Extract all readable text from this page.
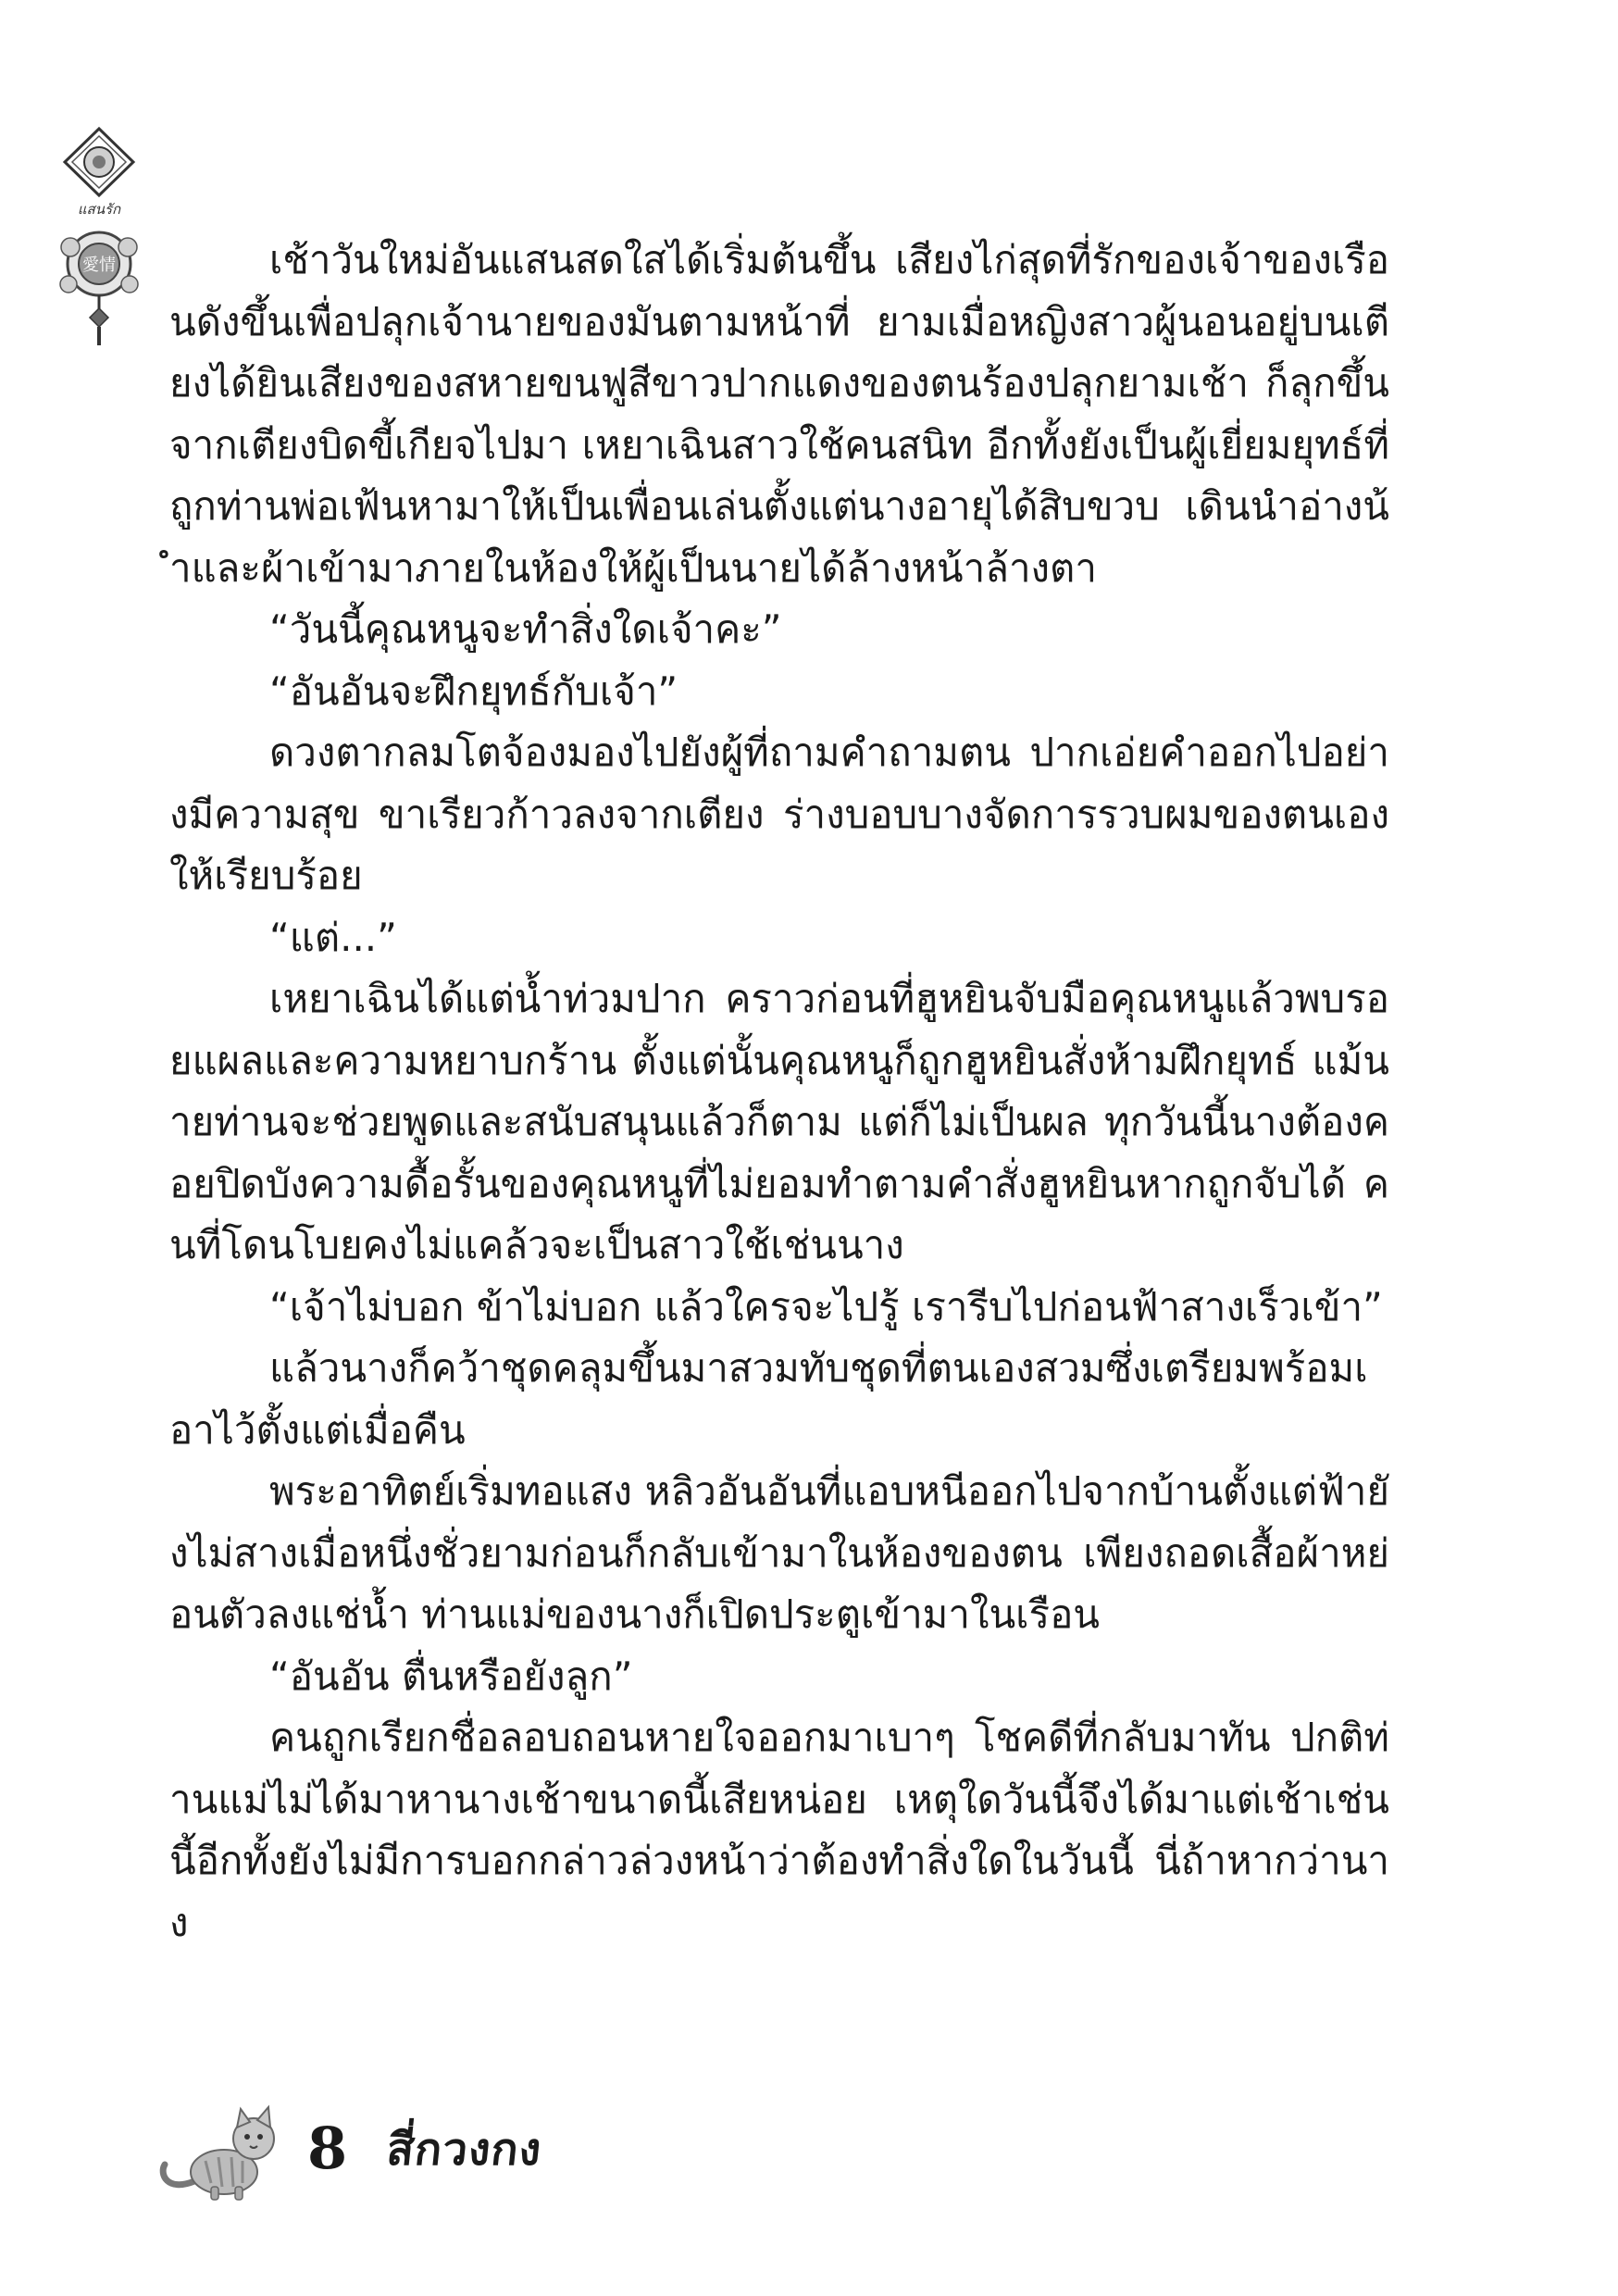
แสนรัก
愛情	เช้าวันใหม่อันแสนสดใสได้เริ่มต้นขึ้น เสียงไก่สุดที่รักของเจ้าของเรือนดังขึ้นเพื่อปลุกเจ้านายของมันตามหน้าที่ ยามเมื่อหญิงสาวผู้นอนอยู่บนเตียงได้ยินเสียงของสหายขนฟูสีขาวปากแดงของตนร้องปลุกยามเช้า ก็ลุกขึ้นจากเตียงบิดขี้เกียจไปมา เหยาเฉินสาวใช้คนสนิท อีกทั้งยังเป็นผู้เยี่ยมยุทธ์ที่ถูกท่านพ่อเฟ้นหามาให้เป็นเพื่อนเล่นตั้งแต่นางอายุได้สิบขวบ เดินนำอ่างน้ำและผ้าเข้ามาภายในห้องให้ผู้เป็นนายได้ล้างหน้าล้างตา

“วันนี้คุณหนูจะทำสิ่งใดเจ้าคะ”

“อันอันจะฝึกยุทธ์กับเจ้า”

ดวงตากลมโตจ้องมองไปยังผู้ที่ถามคำถามตน ปากเอ่ยคำออกไปอย่างมีความสุข ขาเรียวก้าวลงจากเตียง ร่างบอบบางจัดการรวบผมของตนเองให้เรียบร้อย

“แต่...”

เหยาเฉินได้แต่น้ำท่วมปาก คราวก่อนที่ฮูหยินจับมือคุณหนูแล้วพบรอยแผลและความหยาบกร้าน ตั้งแต่นั้นคุณหนูก็ถูกฮูหยินสั่งห้ามฝึกยุทธ์ แม้นายท่านจะช่วยพูดและสนับสนุนแล้วก็ตาม แต่ก็ไม่เป็นผล ทุกวันนี้นางต้องคอยปิดบังความดื้อรั้นของคุณหนูที่ไม่ยอมทำตามคำสั่งฮูหยินหากถูกจับได้ คนที่โดนโบยคงไม่แคล้วจะเป็นสาวใช้เช่นนาง

“เจ้าไม่บอก ข้าไม่บอก แล้วใครจะไปรู้ เรารีบไปก่อนฟ้าสางเร็วเข้า”

แล้วนางก็คว้าชุดคลุมขึ้นมาสวมทับชุดที่ตนเองสวมซึ่งเตรียมพร้อมเอาไว้ตั้งแต่เมื่อคืน

พระอาทิตย์เริ่มทอแสง หลิวอันอันที่แอบหนีออกไปจากบ้านตั้งแต่ฟ้ายังไม่สางเมื่อหนึ่งชั่วยามก่อนก็กลับเข้ามาในห้องของตน เพียงถอดเสื้อผ้าหย่อนตัวลงแช่น้ำ ท่านแม่ของนางก็เปิดประตูเข้ามาในเรือน

“อันอัน ตื่นหรือยังลูก”

คนถูกเรียกชื่อลอบถอนหายใจออกมาเบาๆ โชคดีที่กลับมาทัน ปกติท่านแม่ไม่ได้มาหานางเช้าขนาดนี้เสียหน่อย เหตุใดวันนี้จึงได้มาแต่เช้าเช่นนี้อีกทั้งยังไม่มีการบอกกล่าวล่วงหน้าว่าต้องทำสิ่งใดในวันนี้ นี่ถ้าหากว่านาง

8 สี่กวงกง
